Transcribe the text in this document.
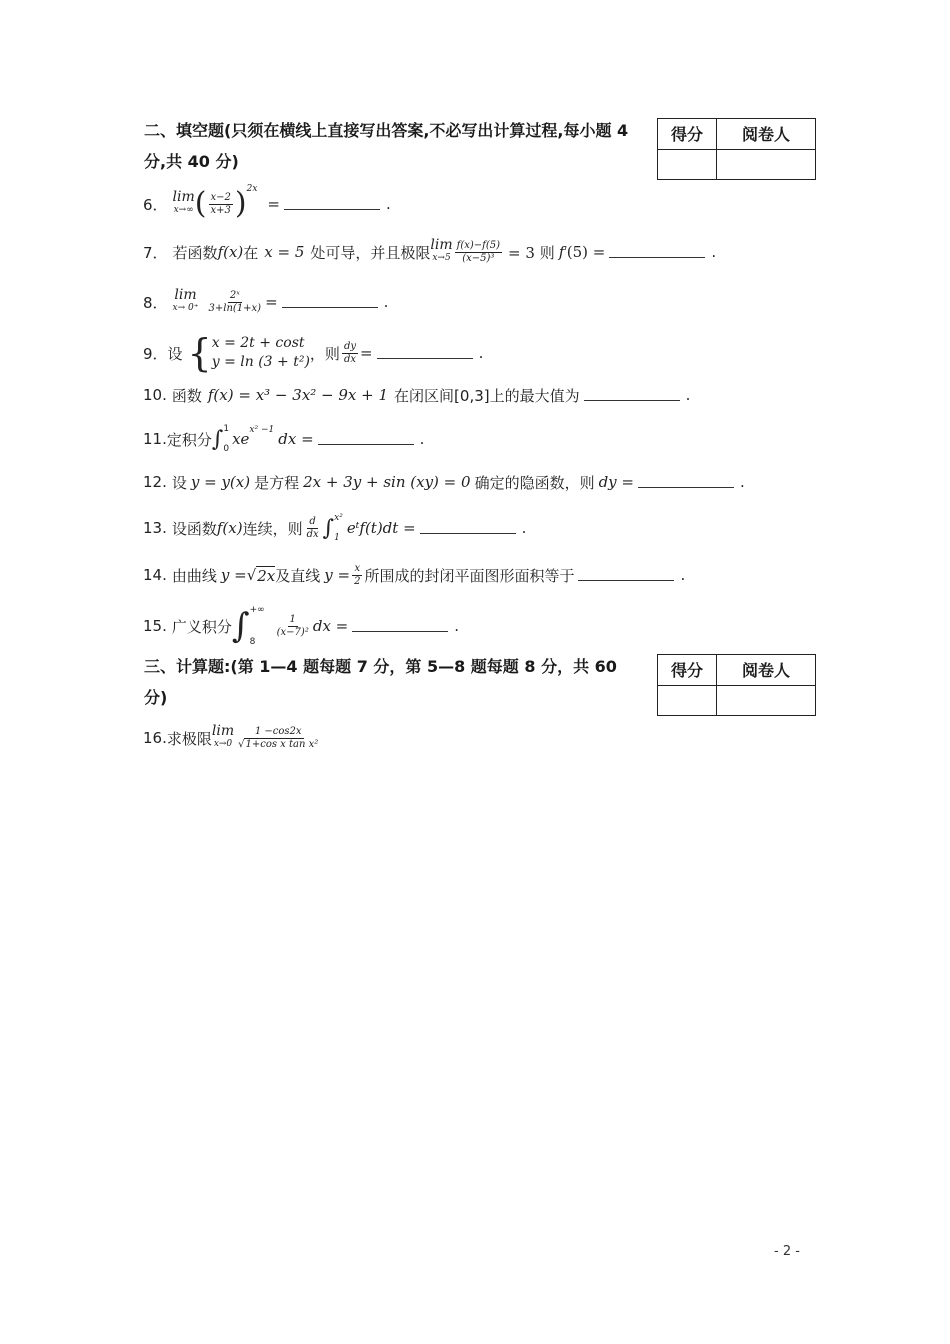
二、填空题(只须在横线上直接写出答案,不必写出计算过程,每小题 4 分,共 40 分)
得分	阅卷人

6． lim
x→∞ ( $\frac{x-2}{x+3} )^{2x}$
=	.
7． 若函数 f(x) 在 x = 5 处可导，并且极限 lim
$x\to 5 \frac{f(x)-f(5)}{\text{(x−5)³}} = 3$ 则 f ' (5) =	.
8． lim
$x\to 0^+ \frac{\text{2ˣ}}{3+\ln(1+x)}$ =	.
9．设 { x = 2t + cost
y = ln (3 + t²) ，则 $\frac{dy}{dx}$ =	.
10. 函数 f(x) = x³ − 3x² − 9x + 1 在闭区间[0,3]上的最大值为	.
11. 定积分 ∫ 1
0
$xe^{x^2 -1}$ dx =	.
12. 设 y = y(x) 是方程 2x + 3y + sin (xy) = 0 确定的隐函数，则 dy =	.
13. 设函数 f(x) 连续，则 $\frac{d}{dx}$ ∫ x²
1
eᵗf(t)dt =	.
14. 由曲线 y = √ 2x 及直线 $y = \frac{x}{2}$ 所围成的封闭平面图形面积等于	.
15. 广义积分 ∫ +∞
8
$\frac{1}{\text{(x−7)²}}$ dx =	.
三、计算题:(第 1—4 题每题 7 分，第 5—8 题每题 8 分，共 60 分)
得分	阅卷人

16. 求极限 lim
$x\to 0 \frac{1 -\cos 2x}{\text{√1+cos x tan x²}}$
- 2 -
